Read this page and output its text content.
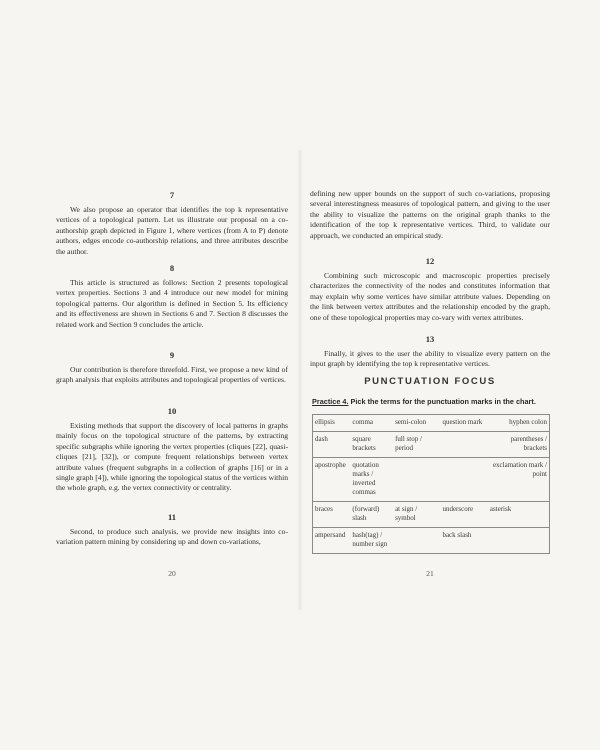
7

We also propose an operator that identifies the top k representative vertices of a topological pattern. Let us illustrate our proposal on a co-authorship graph depicted in Figure 1, where vertices (from A to P) denote authors, edges encode co-authorship relations, and three attributes describe the author.

8

This article is structured as follows: Section 2 presents topological vertex properties. Sections 3 and 4 introduce our new model for mining topological patterns. Our algorithm is defined in Section 5. Its efficiency and its effectiveness are shown in Sections 6 and 7. Section 8 discusses the related work and Section 9 concludes the article.

9

Our contribution is therefore threefold. First, we propose a new kind of graph analysis that exploits attributes and topological properties of vertices.

10

Existing methods that support the discovery of local patterns in graphs mainly focus on the topological structure of the patterns, by extracting specific subgraphs while ignoring the vertex properties (cliques [22], quasi-cliques [21], [32]), or compute frequent relationships between vertex attribute values (frequent subgraphs in a collection of graphs [16] or in a single graph [4]), while ignoring the topological status of the vertices within the whole graph, e.g. the vertex connectivity or centrality.

11

Second, to produce such analysis, we provide new insights into co-variation pattern mining by considering up and down co-variations,

20

defining new upper bounds on the support of such co-variations, proposing several interestingness measures of topological pattern, and giving to the user the ability to visualize the patterns on the original graph thanks to the identification of the top k representative vertices. Third, to validate our approach, we conducted an empirical study.

12

Combining such microscopic and macroscopic properties precisely characterizes the connectivity of the nodes and constitutes information that may explain why some vertices have similar attribute values. Depending on the link between vertex attributes and the relationship encoded by the graph, one of these topological properties may co-vary with vertex attributes.

13

Finally, it gives to the user the ability to visualize every pattern on the input graph by identifying the top k representative vertices.

PUNCTUATION FOCUS
Practice 4. Pick the terms for the punctuation marks in the chart.
ellipsis	comma	semi-colon	question mark	hyphen colon
dash	square brackets	full stop / period		parentheses / brackets
apostrophe	quotation marks / inverted commas			exclamation mark / point
braces	(forward) slash	at sign / symbol	underscore	asterisk
ampersand	hash(tag) / number sign		back slash	
21
